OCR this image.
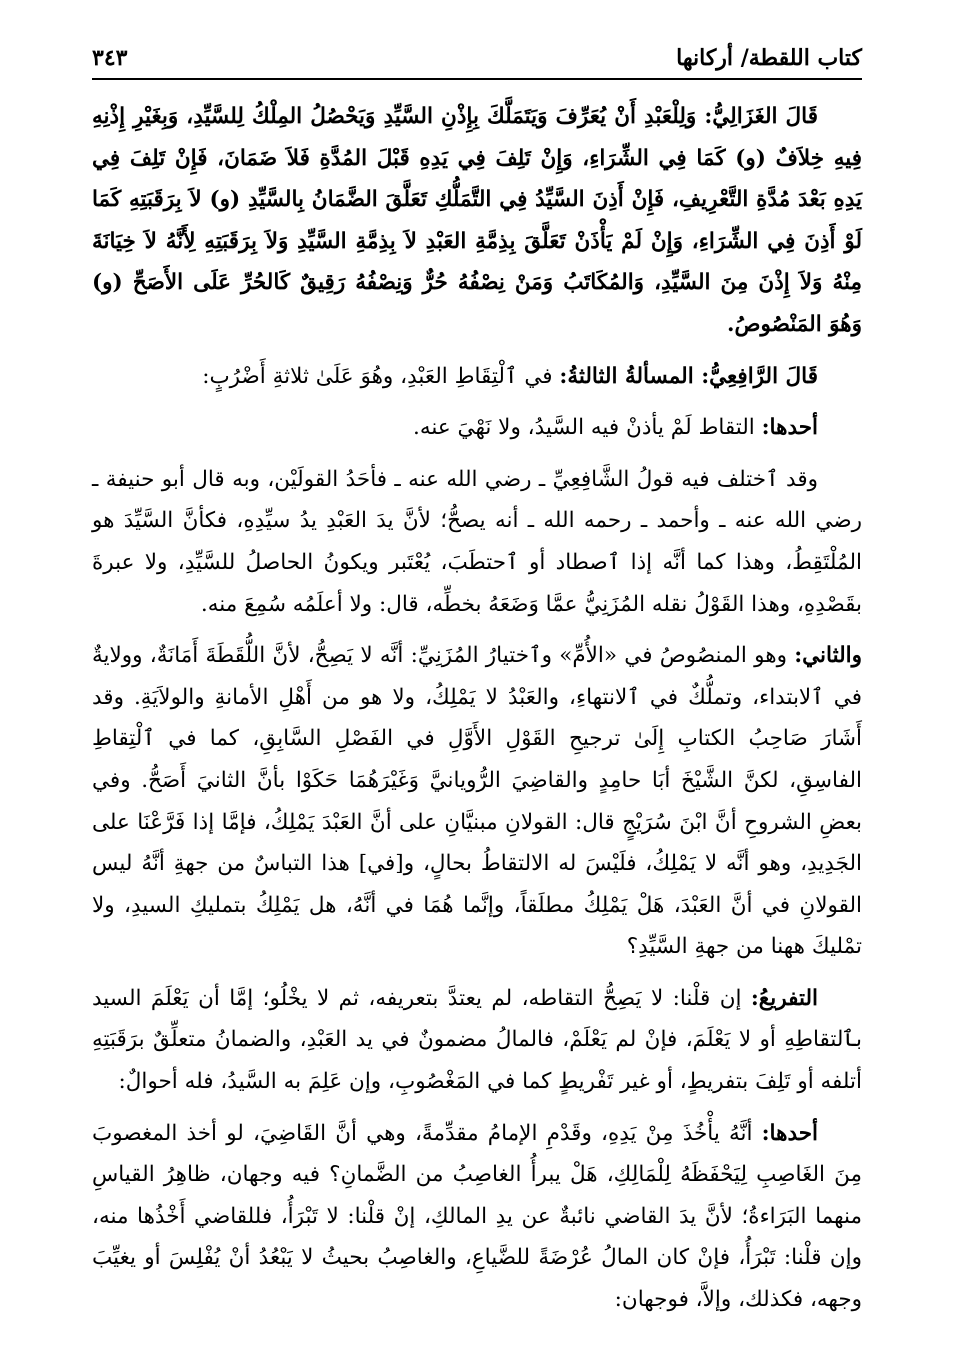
كتاب اللقطة/ أركانها
٣٤٣

قَالَ الغَزَالِيُّ: وَلِلْعَبْدِ أَنْ يُعَرِّفَ وَيَتَمَلَّكَ بِإِذْنِ السَّيِّدِ وَيَحْصُلُ المِلْكُ لِلسَّيِّدِ، وَبِغَيْرِ إِذْنِهِ فِيهِ خِلاَفٌ (و) كَمَا فِي الشِّرَاءِ، وَإِنْ تَلِفَ فِي يَدِهِ قَبْلَ المُدَّةِ فَلاَ ضَمَانَ، فَإِنْ تَلِفَ فِي يَدِهِ بَعْدَ مُدَّةِ التَّعْرِيفِ، فَإِنْ أَذِنَ السَّيِّدُ فِي التَّمَلُّكِ تَعَلَّقَ الضَّمَانُ بِالسَّيِّدِ (و) لاَ بِرَقَبَتِهِ كَمَا لَوْ أَذِنَ فِي الشِّرَاءِ، وَإِنْ لَمْ يَأْذَنْ تَعَلَّقَ بِذِمَّةِ العَبْدِ لاَ بِذِمَّةِ السَّيِّدِ وَلاَ بِرَقَبَتِهِ لِأَنَّهُ لاَ خِيَانَةَ مِنْهُ وَلاَ إِذْنَ مِنَ السَّيِّدِ، وَالمُكَاتَبُ وَمَنْ نِصْفُهُ حُرٌّ وَنِصْفُهُ رَقِيقٌ كَالحُرِّ عَلَى الأَصَحِّ (و) وَهُوَ المَنْصُوصُ.

قَالَ الرَّافِعِيُّ: المسألةُ الثالثةُ: في ٱلْتِقَاطِ العَبْدِ، وهُوَ عَلَىٰ ثلاثةِ أَضْرُبٍ:

أحدها: التقاط لَمْ يأذنْ فيه السَّيدُ، ولا نَهْيَ عنه.

وقد ٱختلف فيه قولُ الشَّافِعِيِّ ـ رضي الله عنه ـ فأحَدُ القولَيْن، وبه قال أبو حنيفة ـ رضي الله عنه ـ وأحمد ـ رحمه الله ـ أنه يصحُّ؛ لأنَّ يدَ العَبْدِ يدُ سيِّدِهِ، فكأنَّ السَّيِّدَ هو المُلْتَقِطُ، وهذا كما أنَّه إذا ٱصطاد أو ٱحتطَبَ، يُعْتَبر ويكونُ الحاصلُ للسَّيِّدِ، ولا عبرةَ بقَصْدِهِ، وهذا القَوْلُ نقله المُزَنِيُّ عمَّا وَضَعَهُ بخطِّه، قال: ولا أعلَمُه سُمِعَ منه.

والثاني: وهو المنصُوصُ في «الأُمِّ» وٱختيارُ المُزَنِيِّ: أنَّه لا يَصِحُّ، لأنَّ اللُّقَطَةَ أَمَانَةٌ، وولايةٌ في ٱلابتداء، وتملُّكٌ في ٱلانتهاءِ، والعَبْدُ لا يَمْلِكُ، ولا هو من أَهْلِ الأمانةِ والولاَيَةِ. وقد أَشَارَ صَاحِبُ الكتابِ إِلَىٰ ترجيحِ القَوْلِ الأَوَّلِ في الفَصْلِ السَّابِقِ، كما في ٱلْتِقاطِ الفاسِقِ، لكنَّ الشَّيْخَ أبَا حامِدٍ والقاضِيَ الرُّويانيَّ وَغَيْرَهُمَا حَكَوْا بأنَّ الثانيَ أَصَحُّ. وفي بعضِ الشروحِ أنَّ ابْنَ سُرَيْجٍ قال: القولانِ مبنيَّانِ على أنَّ العَبْدَ يَمْلِكُ، فإمَّا إذا فَرَّعْنَا على الجَدِيدِ، وهو أنَّه لا يَمْلِكُ، فلَيْسَ له الالتقاطُ بحالٍ، و[في] هذا التباسٌ من جهةِ أنَّهُ ليس القولانِ في أنَّ العَبْدَ، هَلْ يَمْلِكُ مطلَقاً، وإنَّما هُمَا في أنَّهُ، هل يَمْلِكُ بتمليكِ السيدِ، ولا تمْليكَ ههنا من جهةِ السَّيِّدِ؟

التفريعُ: إن قلْنا: لا يَصِحُّ التقاطه، لم يعتدَّ بتعريفه، ثم لا يخْلُو؛ إمَّا أن يَعْلَمَ السيد بٱلتقاطِهِ أو لا يَعْلَمَ، فإنْ لم يَعْلَمْ، فالمالُ مضمونٌ في يد العَبْدِ، والضمانُ متعلِّقٌ برَقَبَتِهِ أتلفه أو تَلِفَ بتفريطٍ، أو غير تَفْريطٍ كما في المَغْصُوبِ، وإن عَلِمَ به السَّيدُ، فله أحوالٌ:

أحدها: أنَّهُ يأْخُذَ مِنْ يَدِهِ، وقَدْمِ الإمامُ مقدِّمةً، وهي أنَّ القَاضِيَ، لو أخذ المغصوبَ مِنَ الغَاصِبِ لِيَحْفَظَهُ لِلْمَالِكِ، هَلْ يبرأُ الغاصِبُ من الضَّمانِ؟ فيه وجهان، ظاهِرُ القياسِ منهما البَرَاءةُ؛ لأنَّ يدَ القاضي نائبةٌ عن يدِ المالكِ، إنْ قلْنا: لا تَبْرَأُ، فللقاضي أَخْذُها منه، وإن قلْنا: تَبْرَأُ، فإنْ كان المالُ عُرْضَةً للضَّياعِ، والغاصِبُ بحيثُ لا يَبْعُدُ أنْ يُفْلِسَ أو يغيِّبَ وجهه، فكذلك، وإلاَّ، فوجهان:
